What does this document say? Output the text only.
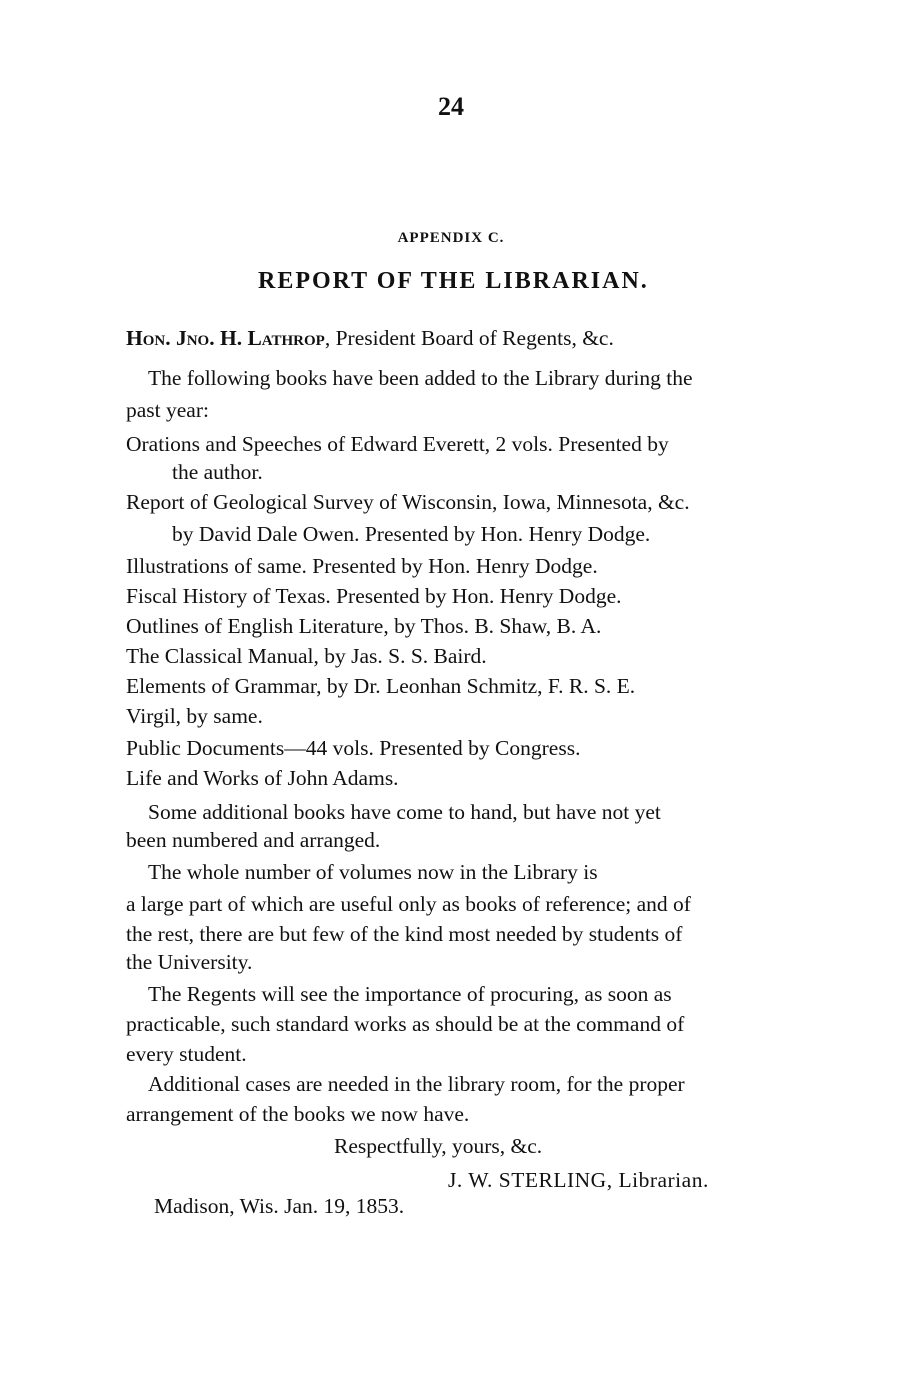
24
APPENDIX C.
REPORT OF THE LIBRARIAN.
Hon. Jno. H. Lathrop, President Board of Regents, &c.
The following books have been added to the Library during the
past year:
Orations and Speeches of Edward Everett, 2 vols. Presented by
the author.
Report of Geological Survey of Wisconsin, Iowa, Minnesota, &c.
by David Dale Owen. Presented by Hon. Henry Dodge.
Illustrations of same. Presented by Hon. Henry Dodge.
Fiscal History of Texas. Presented by Hon. Henry Dodge.
Outlines of English Literature, by Thos. B. Shaw, B. A.
The Classical Manual, by Jas. S. S. Baird.
Elements of Grammar, by Dr. Leonhan Schmitz, F. R. S. E.
Virgil, by same.
Public Documents—44 vols. Presented by Congress.
Life and Works of John Adams.
Some additional books have come to hand, but have not yet
been numbered and arranged.
The whole number of volumes now in the Library is
a large part of which are useful only as books of reference; and of
the rest, there are but few of the kind most needed by students of
the University.
The Regents will see the importance of procuring, as soon as
practicable, such standard works as should be at the command of
every student.
Additional cases are needed in the library room, for the proper
arrangement of the books we now have.
Respectfully, yours, &c.
J. W. STERLING, Librarian.
Madison, Wis. Jan. 19, 1853.
